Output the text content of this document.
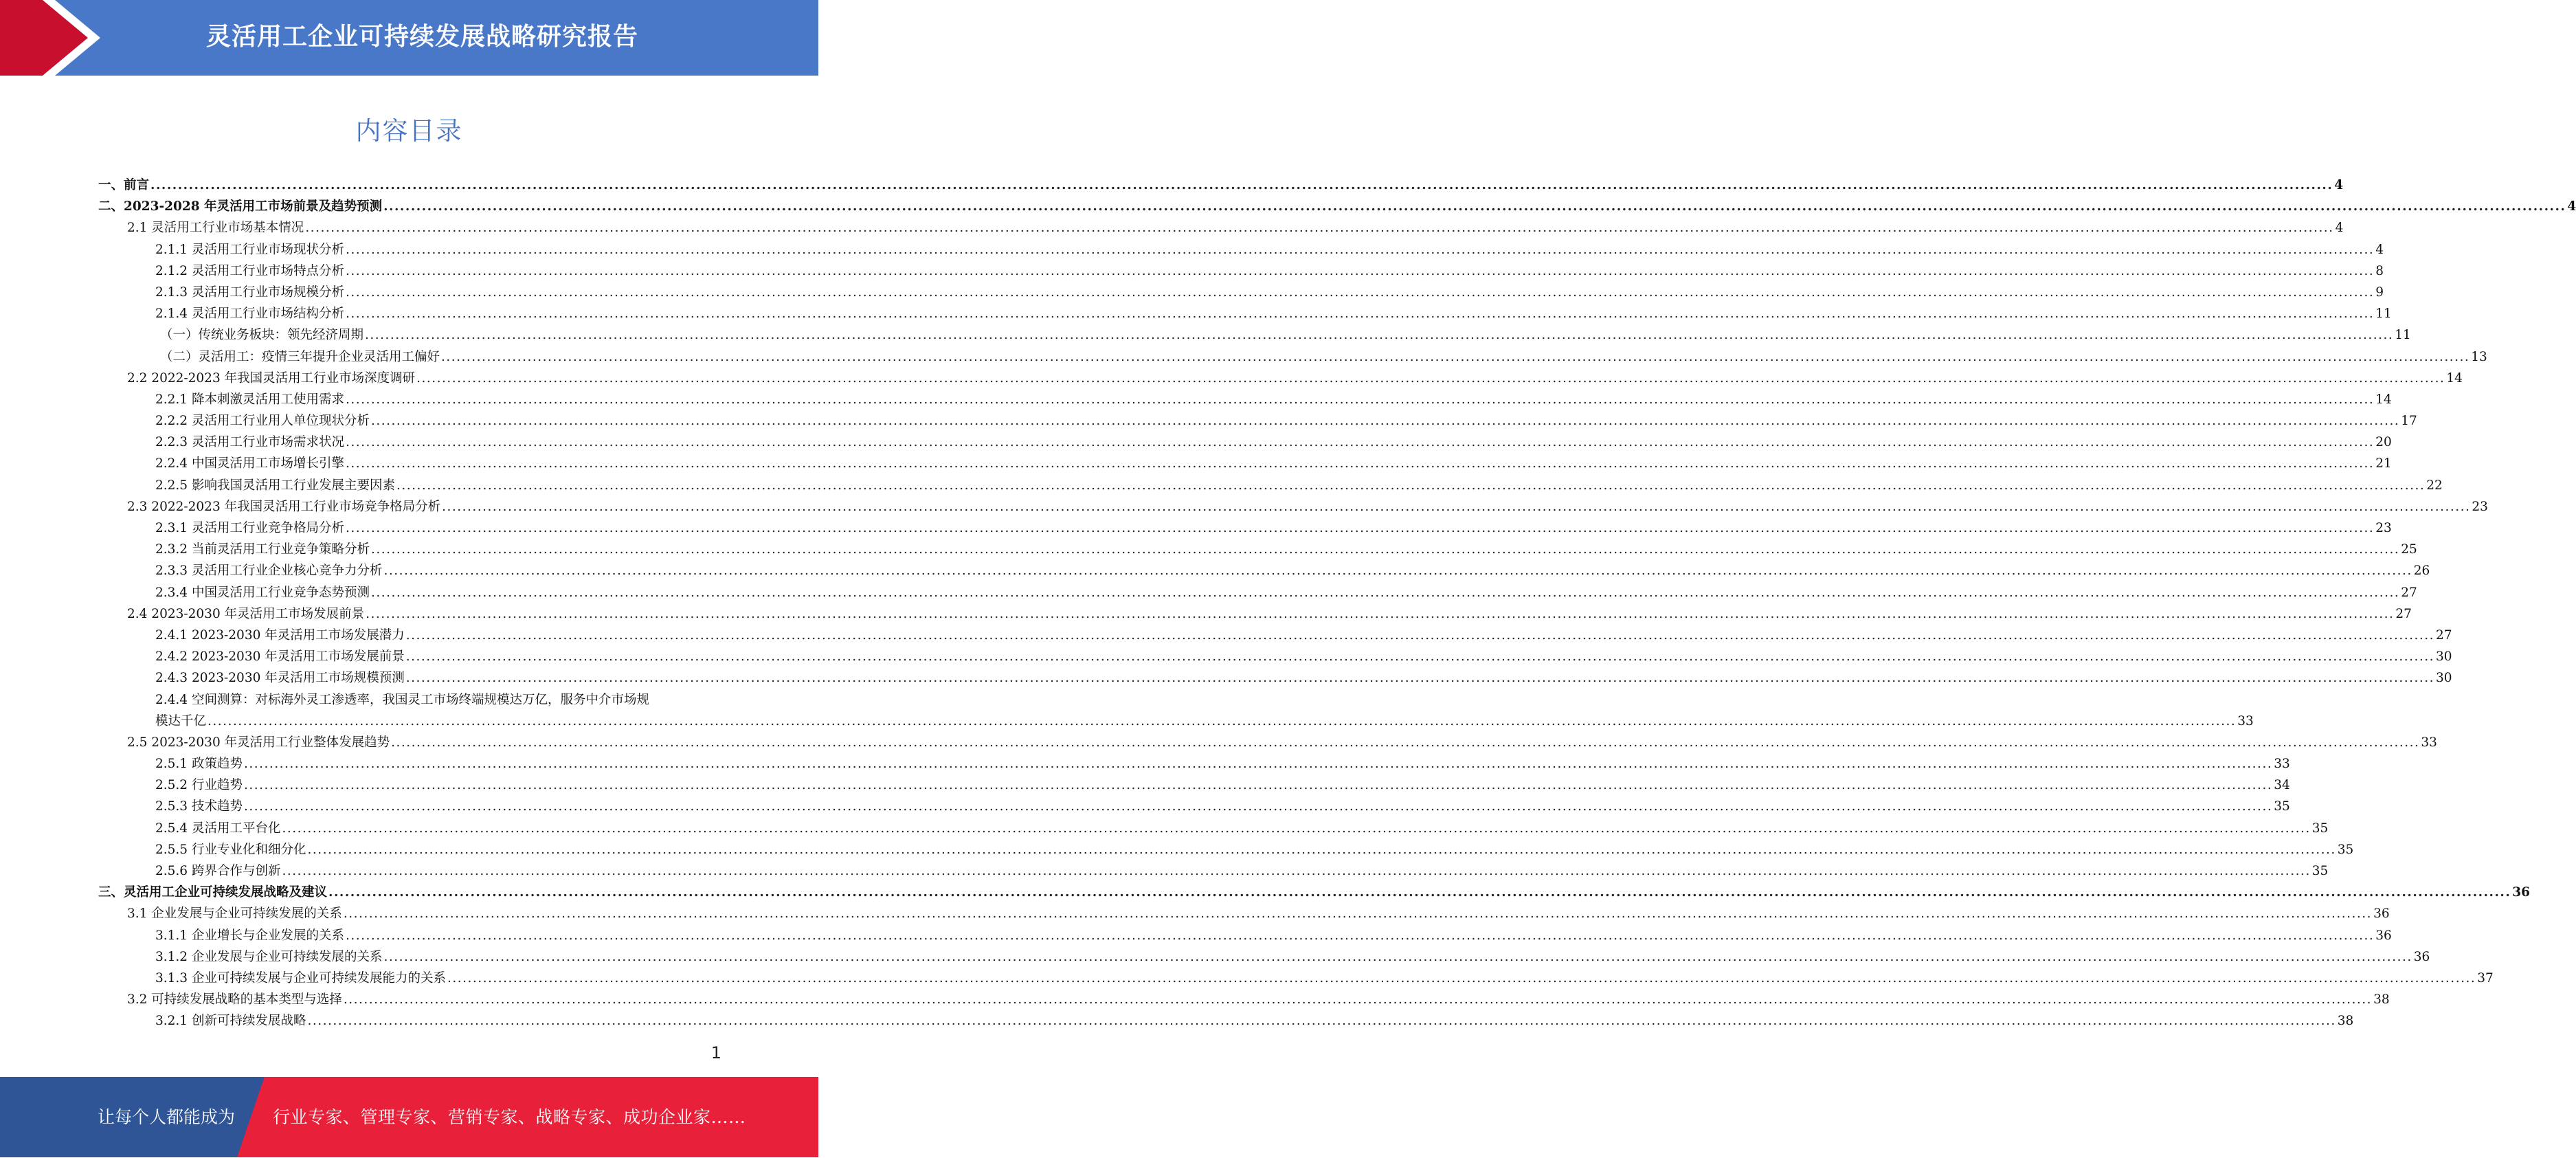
灵活用工企业可持续发展战略研究报告
内容目录
一、前言 ................................................................................................................................................................................................................................................................................................................................................................................................................ 4
二、2023-2028 年灵活用工市场前景及趋势预测 ................................................................................................................................................................................................................................................................................................................................................................................................................ 4
2.1 灵活用工行业市场基本情况 ................................................................................................................................................................................................................................................................................................................................................................................................................ 4
2.1.1 灵活用工行业市场现状分析 ................................................................................................................................................................................................................................................................................................................................................................................................................ 4
2.1.2 灵活用工行业市场特点分析 ................................................................................................................................................................................................................................................................................................................................................................................................................ 8
2.1.3 灵活用工行业市场规模分析 ................................................................................................................................................................................................................................................................................................................................................................................................................ 9
2.1.4 灵活用工行业市场结构分析 ................................................................................................................................................................................................................................................................................................................................................................................................................ 11
（一）传统业务板块：领先经济周期 ................................................................................................................................................................................................................................................................................................................................................................................................................ 11
（二）灵活用工：疫情三年提升企业灵活用工偏好 ................................................................................................................................................................................................................................................................................................................................................................................................................ 13
2.2 2022-2023 年我国灵活用工行业市场深度调研 ................................................................................................................................................................................................................................................................................................................................................................................................................ 14
2.2.1 降本刺激灵活用工使用需求 ................................................................................................................................................................................................................................................................................................................................................................................................................ 14
2.2.2 灵活用工行业用人单位现状分析 ................................................................................................................................................................................................................................................................................................................................................................................................................ 17
2.2.3 灵活用工行业市场需求状况 ................................................................................................................................................................................................................................................................................................................................................................................................................ 20
2.2.4 中国灵活用工市场增长引擎 ................................................................................................................................................................................................................................................................................................................................................................................................................ 21
2.2.5 影响我国灵活用工行业发展主要因素 ................................................................................................................................................................................................................................................................................................................................................................................................................ 22
2.3 2022-2023 年我国灵活用工行业市场竞争格局分析 ................................................................................................................................................................................................................................................................................................................................................................................................................ 23
2.3.1 灵活用工行业竞争格局分析 ................................................................................................................................................................................................................................................................................................................................................................................................................ 23
2.3.2 当前灵活用工行业竞争策略分析 ................................................................................................................................................................................................................................................................................................................................................................................................................ 25
2.3.3 灵活用工行业企业核心竞争力分析 ................................................................................................................................................................................................................................................................................................................................................................................................................ 26
2.3.4 中国灵活用工行业竞争态势预测 ................................................................................................................................................................................................................................................................................................................................................................................................................ 27
2.4 2023-2030 年灵活用工市场发展前景 ................................................................................................................................................................................................................................................................................................................................................................................................................ 27
2.4.1 2023-2030 年灵活用工市场发展潜力 ................................................................................................................................................................................................................................................................................................................................................................................................................ 27
2.4.2 2023-2030 年灵活用工市场发展前景 ................................................................................................................................................................................................................................................................................................................................................................................................................ 30
2.4.3 2023-2030 年灵活用工市场规模预测 ................................................................................................................................................................................................................................................................................................................................................................................................................ 30
2.4.4 空间测算：对标海外灵工渗透率，我国灵工市场终端规模达万亿，服务中介市场规
模达千亿 ................................................................................................................................................................................................................................................................................................................................................................................................................ 33
2.5 2023-2030 年灵活用工行业整体发展趋势 ................................................................................................................................................................................................................................................................................................................................................................................................................ 33
2.5.1 政策趋势 ................................................................................................................................................................................................................................................................................................................................................................................................................ 33
2.5.2 行业趋势 ................................................................................................................................................................................................................................................................................................................................................................................................................ 34
2.5.3 技术趋势 ................................................................................................................................................................................................................................................................................................................................................................................................................ 35
2.5.4 灵活用工平台化 ................................................................................................................................................................................................................................................................................................................................................................................................................ 35
2.5.5 行业专业化和细分化 ................................................................................................................................................................................................................................................................................................................................................................................................................ 35
2.5.6 跨界合作与创新 ................................................................................................................................................................................................................................................................................................................................................................................................................ 35
三、灵活用工企业可持续发展战略及建议 ................................................................................................................................................................................................................................................................................................................................................................................................................ 36
3.1 企业发展与企业可持续发展的关系 ................................................................................................................................................................................................................................................................................................................................................................................................................ 36
3.1.1 企业增长与企业发展的关系 ................................................................................................................................................................................................................................................................................................................................................................................................................ 36
3.1.2 企业发展与企业可持续发展的关系 ................................................................................................................................................................................................................................................................................................................................................................................................................ 36
3.1.3 企业可持续发展与企业可持续发展能力的关系 ................................................................................................................................................................................................................................................................................................................................................................................................................ 37
3.2 可持续发展战略的基本类型与选择 ................................................................................................................................................................................................................................................................................................................................................................................................................ 38
3.2.1 创新可持续发展战略 ................................................................................................................................................................................................................................................................................................................................................................................................................ 38
1
让每个人都能成为 行业专家、管理专家、营销专家、战略专家、成功企业家……
